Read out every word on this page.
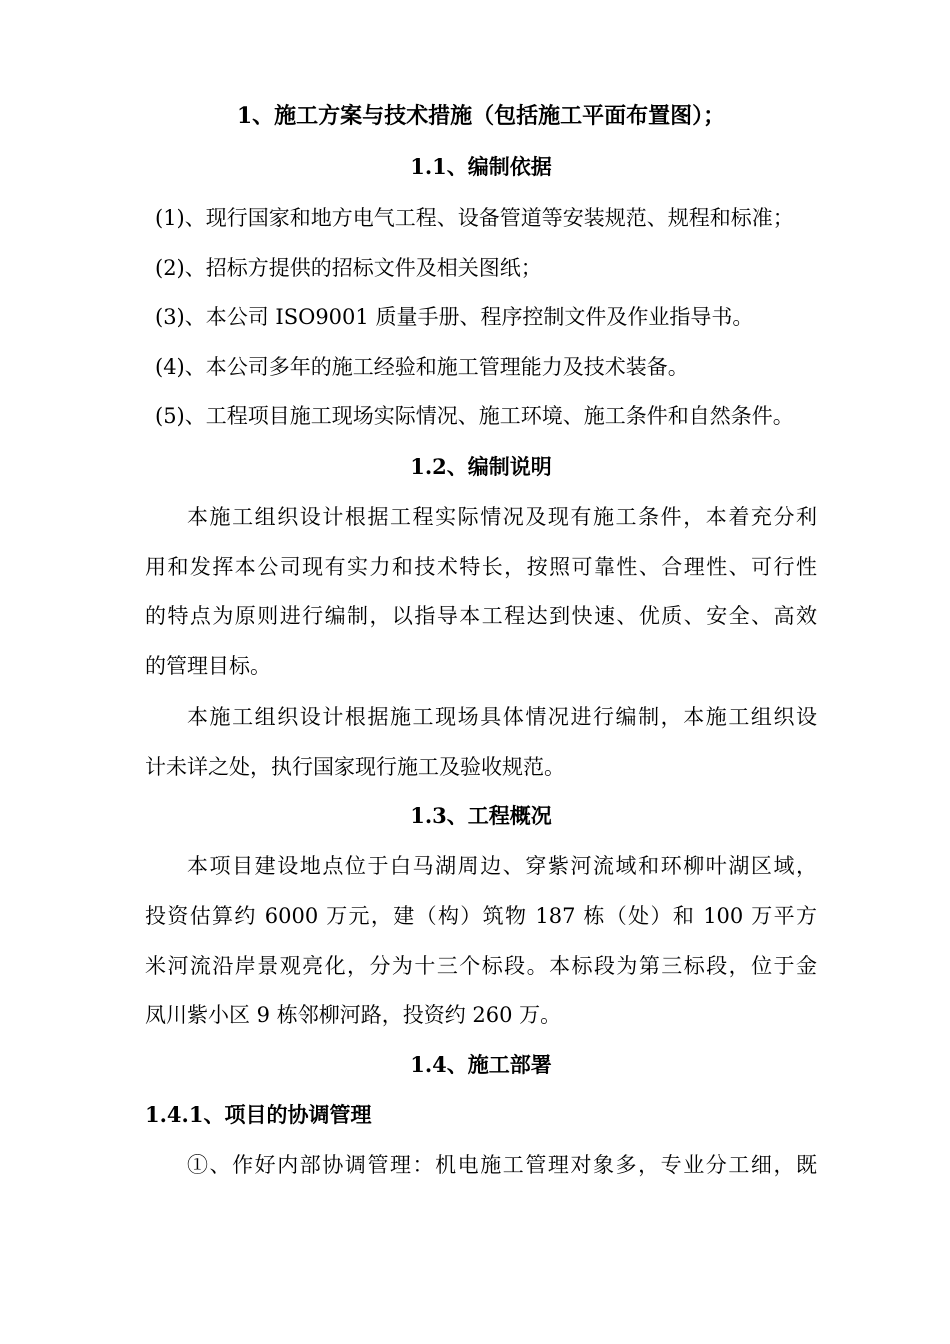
1、施工方案与技术措施（包括施工平面布置图）；
1.1、编制依据
(1)、现行国家和地方电气工程、设备管道等安装规范、规程和标准；
(2)、招标方提供的招标文件及相关图纸；
(3)、本公司 ISO9001 质量手册、程序控制文件及作业指导书。
(4)、本公司多年的施工经验和施工管理能力及技术装备。
(5)、工程项目施工现场实际情况、施工环境、施工条件和自然条件。
1.2、编制说明
本施工组织设计根据工程实际情况及现有施工条件，本着充分利
用和发挥本公司现有实力和技术特长，按照可靠性、合理性、可行性
的特点为原则进行编制，以指导本工程达到快速、优质、安全、高效
的管理目标。
本施工组织设计根据施工现场具体情况进行编制，本施工组织设
计未详之处，执行国家现行施工及验收规范。
1.3、工程概况
本项目建设地点位于白马湖周边、穿紫河流域和环柳叶湖区域，
投资估算约 6000 万元，建（构）筑物 187 栋（处）和 100 万平方
米河流沿岸景观亮化，分为十三个标段。本标段为第三标段，位于金
凤川紫小区 9 栋邻柳河路，投资约 260 万。
1.4、施工部署
1.4.1、项目的协调管理
①、作好内部协调管理：机电施工管理对象多，专业分工细，既
